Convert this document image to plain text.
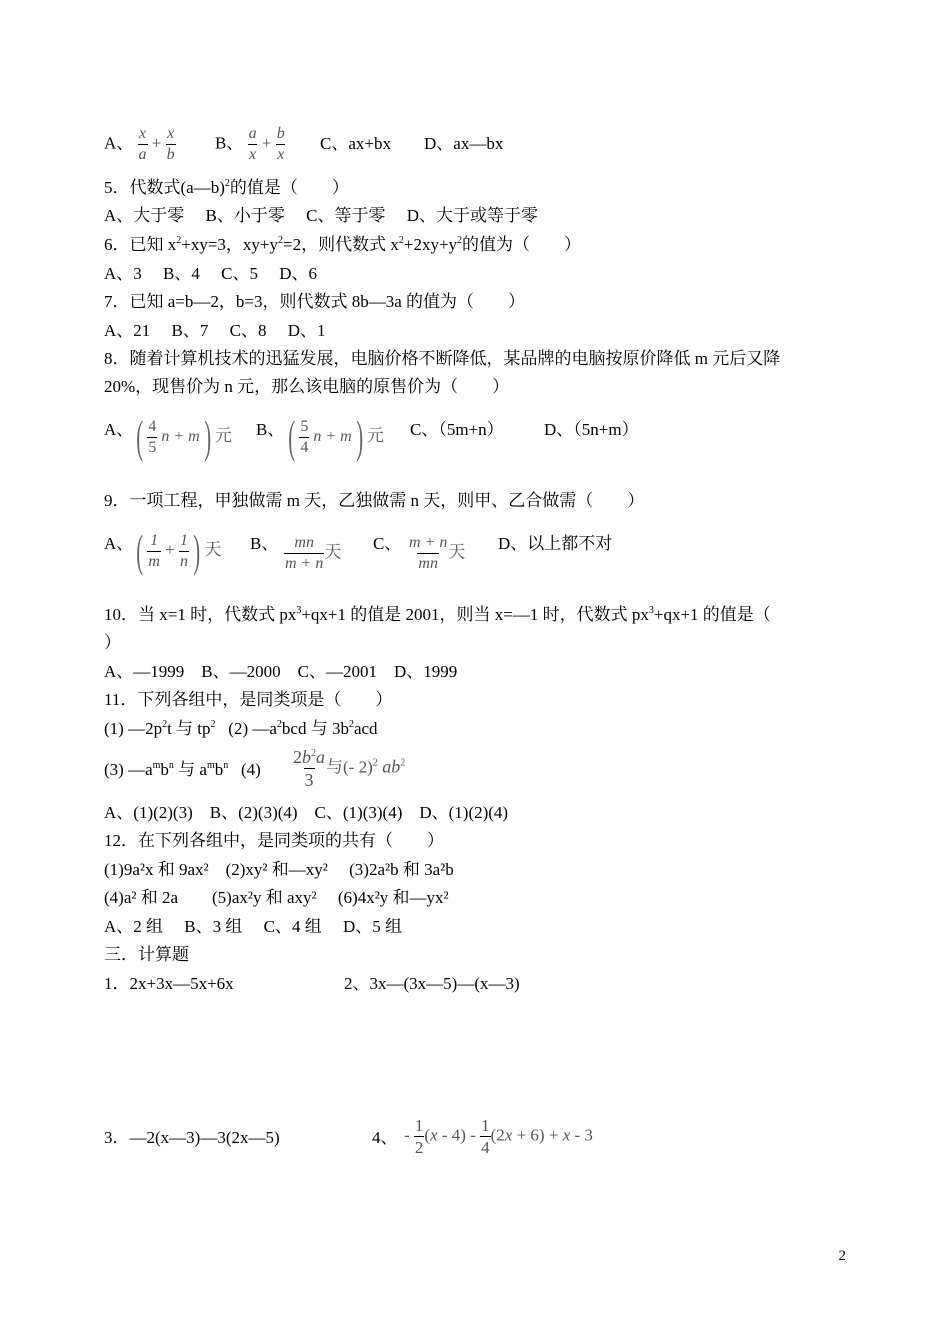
A、 $\frac{x}{a} + \frac{x}{b}$ B、 $\frac{a}{x} + \frac{b}{x}$ C、ax+bx D、ax—bx
5．代数式(a—b)$^2$的值是（　　）
A、大于零　 B、小于零　 C、等于零　 D、大于或等于零
6．已知 $x^2+xy=3$，$xy+y^2=2$，则代数式 $x^2+2xy+y^2$的值为（　　）
A、3　 B、4　 C、5　 D、6
7．已知 a=b—2，b=3，则代数式 8b—3a 的值为（　　）
A、21　 B、7　 C、8　 D、1
8．随着计算机技术的迅猛发展，电脑价格不断降低，某品牌的电脑按原价降低 m 元后又降
20%，现售价为 n 元，那么该电脑的原售价为（　　）
A、 ( $\frac{4}{5}$ n + m) 元 B、 ( $\frac{5}{4}$ n + m) 元 C、（5m+n） D、（5n+m）
9．一项工程，甲独做需 m 天，乙独做需 n 天，则甲、乙合做需（　　）
A、 ( $\frac{1}{m} + \frac{1}{n}$ ) 天 B、 $\frac{mn}{m + n}$ 天 C、 $\frac{m + n}{mn}$ 天 D、以上都不对
10．当 x=1 时，代数式 $px^3+qx+1$ 的值是 2001，则当 x=—1 时，代数式 $px^3+qx+1$ 的值是（
）
A、—1999　B、—2000　C、—2001　D、1999
11．下列各组中，是同类项是（　　）
(1) $—2p^2t$ 与 $tp^2$ (2) $—a^2bcd$ 与 $3b^2acd$
(3) $—a^mb^n$ 与 $a^mb^n$ $(4) \frac{2b^2a}{3}$ 与(- 2)$^2$ $ab^2$
A、(1)(2)(3)　B、(2)(3)(4)　C、(1)(3)(4)　D、(1)(2)(4)
12．在下列各组中，是同类项的共有（　　）
(1)9a²x 和 9ax²　(2)xy² 和—xy²　 (3)2a²b 和 3a²b
(4)a² 和 2a　　(5)ax²y 和 axy²　 (6)4x²y 和—yx²
A、2 组　 B、3 组　 C、4 组　 D、5 组
三．计算题
1．2x+3x—5x+6x	2、3x—(3x—5)—(x—3)
3．—2(x—3)—3(2x—5)	4、 - $\frac{1}{2} (x - 4) - \frac{1}{4} (2x + 6) + x - 3$
2
